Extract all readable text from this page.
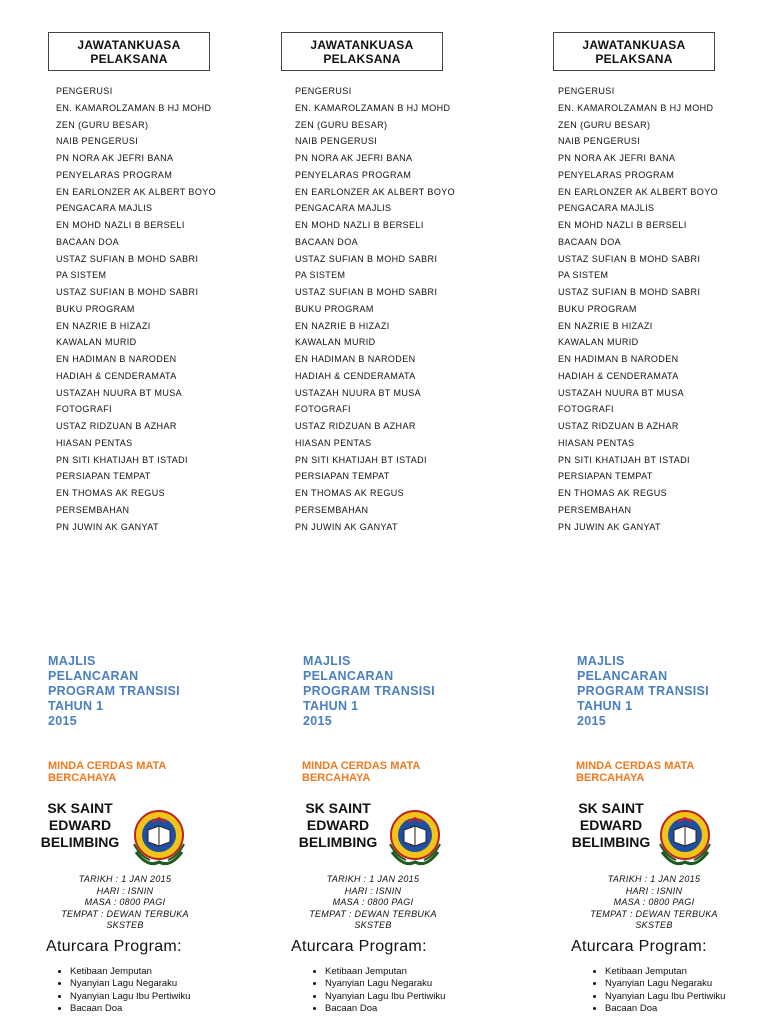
JAWATANKUASA
PELAKSANA
PENGERUSI
EN. KAMAROLZAMAN B HJ MOHD
ZEN (GURU BESAR)
NAIB PENGERUSI
PN NORA AK JEFRI BANA
PENYELARAS PROGRAM
EN EARLONZER AK ALBERT BOYO
PENGACARA MAJLIS
EN MOHD NAZLI B BERSELI
BACAAN DOA
USTAZ SUFIAN B MOHD SABRI
PA SISTEM
USTAZ SUFIAN B MOHD SABRI
BUKU PROGRAM
EN NAZRIE B HIZAZI
KAWALAN MURID
EN HADIMAN B NARODEN
HADIAH & CENDERAMATA
USTAZAH NUURA BT MUSA
FOTOGRAFI
USTAZ RIDZUAN B AZHAR
HIASAN PENTAS
PN SITI KHATIJAH BT ISTADI
PERSIAPAN TEMPAT
EN THOMAS AK REGUS
PERSEMBAHAN
PN JUWIN AK GANYAT
MAJLIS
PELANCARAN
PROGRAM TRANSISI
TAHUN 1
2015
MINDA CERDAS MATA BERCAHAYA
SK SAINT
EDWARD
BELIMBING
TARIKH : 1 JAN 2015
HARI : ISNIN
MASA : 0800 PAGI
TEMPAT : DEWAN TERBUKA
SKSTEB
Aturcara Program:
• Ketibaan Jemputan
• Nyanyian Lagu Negaraku
• Nyanyian Lagu Ibu Pertiwiku
• Bacaan Doa
JAWATANKUASA
PELAKSANA
PENGERUSI
EN. KAMAROLZAMAN B HJ MOHD
ZEN (GURU BESAR)
NAIB PENGERUSI
PN NORA AK JEFRI BANA
PENYELARAS PROGRAM
EN EARLONZER AK ALBERT BOYO
PENGACARA MAJLIS
EN MOHD NAZLI B BERSELI
BACAAN DOA
USTAZ SUFIAN B MOHD SABRI
PA SISTEM
USTAZ SUFIAN B MOHD SABRI
BUKU PROGRAM
EN NAZRIE B HIZAZI
KAWALAN MURID
EN HADIMAN B NARODEN
HADIAH & CENDERAMATA
USTAZAH NUURA BT MUSA
FOTOGRAFI
USTAZ RIDZUAN B AZHAR
HIASAN PENTAS
PN SITI KHATIJAH BT ISTADI
PERSIAPAN TEMPAT
EN THOMAS AK REGUS
PERSEMBAHAN
PN JUWIN AK GANYAT
MAJLIS
PELANCARAN
PROGRAM TRANSISI
TAHUN 1
2015
MINDA CERDAS MATA BERCAHAYA
SK SAINT
EDWARD
BELIMBING
TARIKH : 1 JAN 2015
HARI : ISNIN
MASA : 0800 PAGI
TEMPAT : DEWAN TERBUKA
SKSTEB
Aturcara Program:
• Ketibaan Jemputan
• Nyanyian Lagu Negaraku
• Nyanyian Lagu Ibu Pertiwiku
• Bacaan Doa
JAWATANKUASA
PELAKSANA
PENGERUSI
EN. KAMAROLZAMAN B HJ MOHD
ZEN (GURU BESAR)
NAIB PENGERUSI
PN NORA AK JEFRI BANA
PENYELARAS PROGRAM
EN EARLONZER AK ALBERT BOYO
PENGACARA MAJLIS
EN MOHD NAZLI B BERSELI
BACAAN DOA
USTAZ SUFIAN B MOHD SABRI
PA SISTEM
USTAZ SUFIAN B MOHD SABRI
BUKU PROGRAM
EN NAZRIE B HIZAZI
KAWALAN MURID
EN HADIMAN B NARODEN
HADIAH & CENDERAMATA
USTAZAH NUURA BT MUSA
FOTOGRAFI
USTAZ RIDZUAN B AZHAR
HIASAN PENTAS
PN SITI KHATIJAH BT ISTADI
PERSIAPAN TEMPAT
EN THOMAS AK REGUS
PERSEMBAHAN
PN JUWIN AK GANYAT
MAJLIS
PELANCARAN
PROGRAM TRANSISI
TAHUN 1
2015
MINDA CERDAS MATA BERCAHAYA
SK SAINT
EDWARD
BELIMBING
TARIKH : 1 JAN 2015
HARI : ISNIN
MASA : 0800 PAGI
TEMPAT : DEWAN TERBUKA
SKSTEB
Aturcara Program:
• Ketibaan Jemputan
• Nyanyian Lagu Negaraku
• Nyanyian Lagu Ibu Pertiwiku
• Bacaan Doa
